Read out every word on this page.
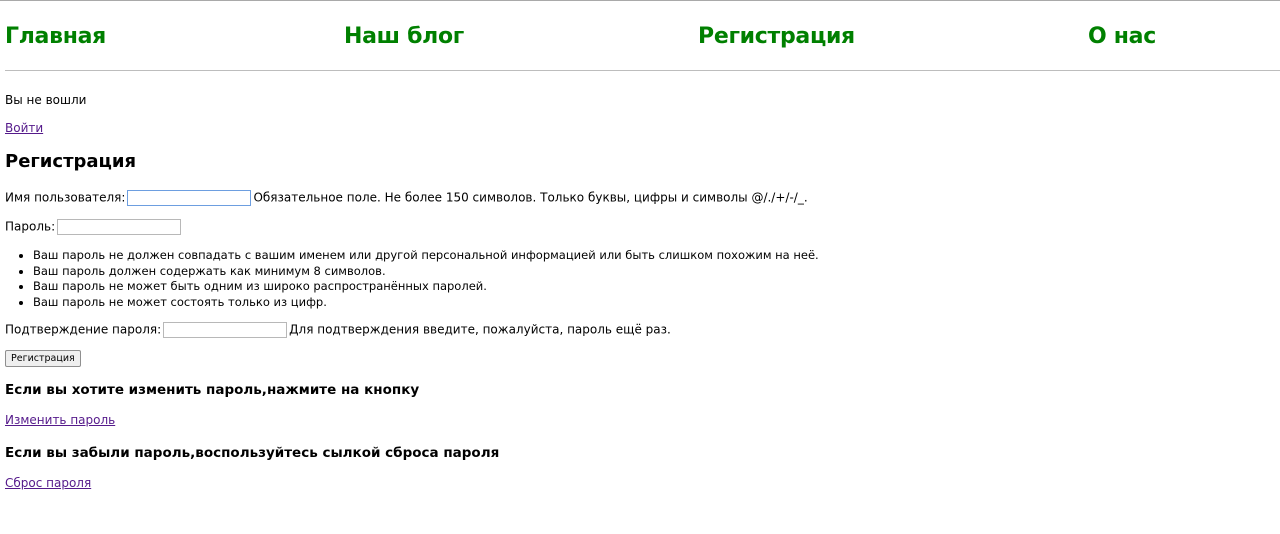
Главная	Наш блог	Регистрация	О нас
Вы не вошли
Войти
Регистрация
Имя пользователя:	Обязательное поле. Не более 150 символов. Только буквы, цифры и символы @/./+/-/_.
Пароль:
• Ваш пароль не должен совпадать с вашим именем или другой персональной информацией или быть слишком похожим на неё.
• Ваш пароль должен содержать как минимум 8 символов.
• Ваш пароль не может быть одним из широко распространённых паролей.
• Ваш пароль не может состоять только из цифр.
Подтверждение пароля:	Для подтверждения введите, пожалуйста, пароль ещё раз.
Регистрация
Если вы хотите изменить пароль,нажмите на кнопку
Изменить пароль
Если вы забыли пароль,воспользуйтесь сылкой сброса пароля
Сброс пароля
